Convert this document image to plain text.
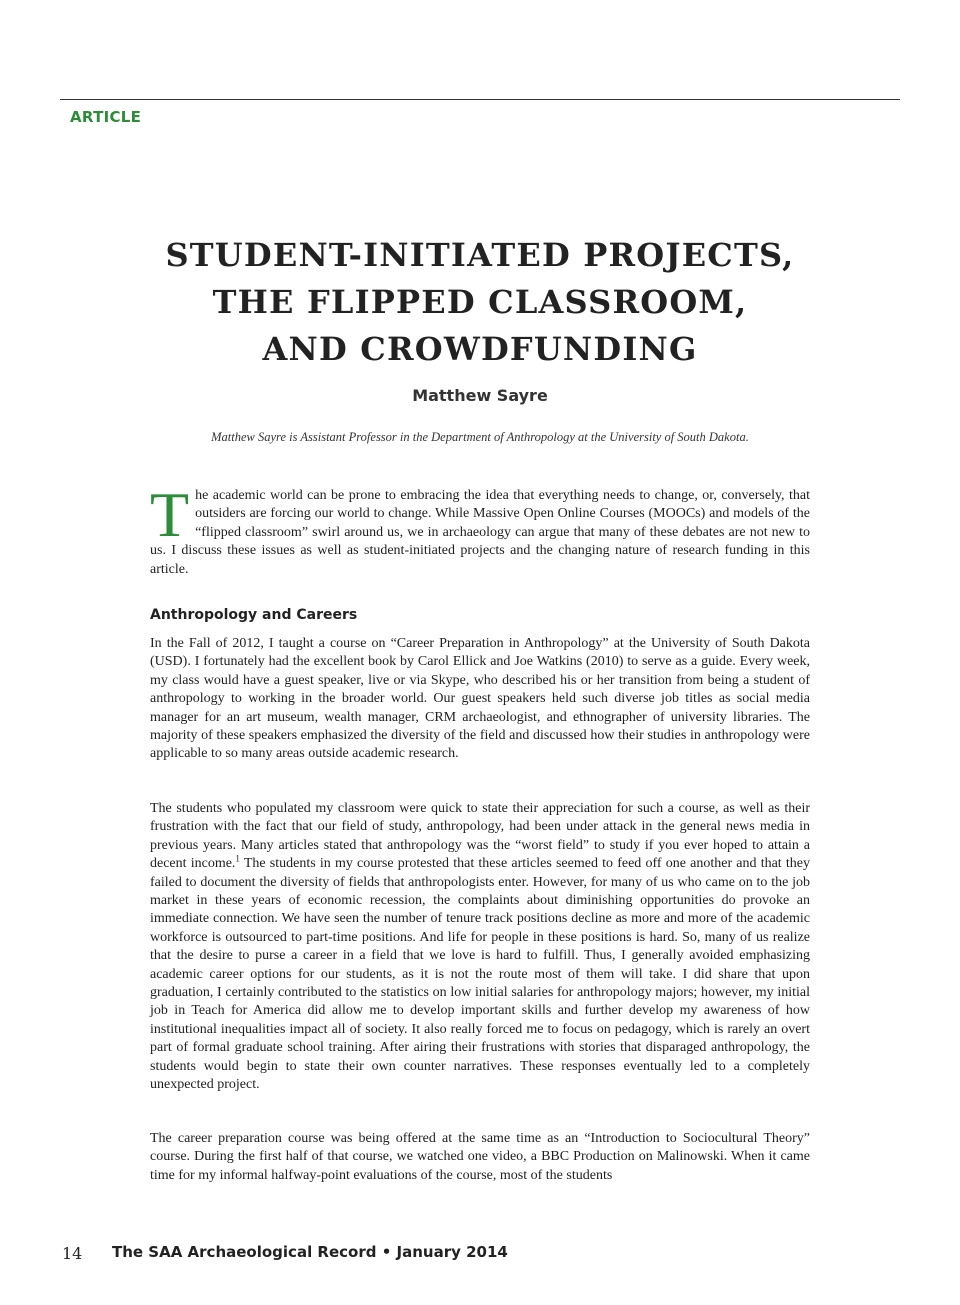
ARTICLE
STUDENT-INITIATED PROJECTS,
THE FLIPPED CLASSROOM,
AND CROWDFUNDING
Matthew Sayre
Matthew Sayre is Assistant Professor in the Department of Anthropology at the University of South Dakota.
T he academic world can be prone to embracing the idea that everything needs to change, or, conversely, that outsiders are forcing our world to change. While Massive Open Online Courses (MOOCs) and models of the “flipped classroom” swirl around us, we in archaeology can argue that many of these debates are not new to us. I discuss these issues as well as student-initiated projects and the changing nature of research funding in this article.

Anthropology and Careers

In the Fall of 2012, I taught a course on “Career Preparation in Anthropology” at the University of South Dakota (USD). I fortunately had the excellent book by Carol Ellick and Joe Watkins (2010) to serve as a guide. Every week, my class would have a guest speaker, live or via Skype, who described his or her transition from being a student of anthropology to working in the broader world. Our guest speakers held such diverse job titles as social media manager for an art museum, wealth manager, CRM archaeologist, and ethnographer of university libraries. The majority of these speakers emphasized the diversity of the field and discussed how their studies in anthropology were applicable to so many areas outside academic research.

The students who populated my classroom were quick to state their appreciation for such a course, as well as their frustration with the fact that our field of study, anthropology, had been under attack in the general news media in previous years. Many articles stated that anthropology was the “worst field” to study if you ever hoped to attain a decent income.$^1$ The students in my course protested that these articles seemed to feed off one another and that they failed to document the diversity of fields that anthropologists enter. However, for many of us who came on to the job market in these years of economic recession, the complaints about diminishing opportunities do provoke an immediate connection. We have seen the number of tenure track positions decline as more and more of the academic workforce is outsourced to part-time positions. And life for people in these positions is hard. So, many of us realize that the desire to purse a career in a field that we love is hard to fulfill. Thus, I generally avoided emphasizing academic career options for our students, as it is not the route most of them will take. I did share that upon graduation, I certainly contributed to the statistics on low initial salaries for anthropology majors; however, my initial job in Teach for America did allow me to develop important skills and further develop my awareness of how institutional inequalities impact all of society. It also really forced me to focus on pedagogy, which is rarely an overt part of formal graduate school training. After airing their frustrations with stories that disparaged anthropology, the students would begin to state their own counter narratives. These responses eventually led to a completely unexpected project.

The career preparation course was being offered at the same time as an “Introduction to Sociocultural Theory” course. During the first half of that course, we watched one video, a BBC Production on Malinowski. When it came time for my informal halfway-point evaluations of the course, most of the students

14 The SAA Archaeological Record • January 2014
